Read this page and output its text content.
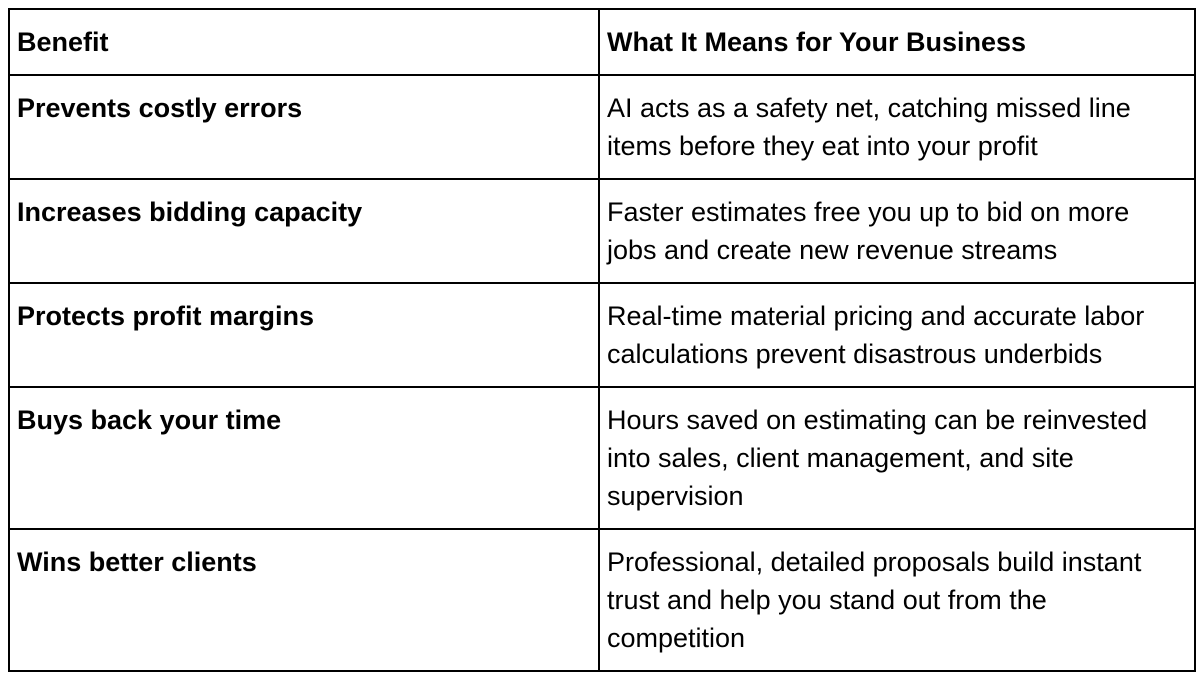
Benefit	What It Means for Your Business
Prevents costly errors	AI acts as a safety net, catching missed line items before they eat into your profit
Increases bidding capacity	Faster estimates free you up to bid on more jobs and create new revenue streams
Protects profit margins	Real-time material pricing and accurate labor calculations prevent disastrous underbids
Buys back your time	Hours saved on estimating can be reinvested into sales, client management, and site supervision
Wins better clients	Professional, detailed proposals build instant trust and help you stand out from the competition
